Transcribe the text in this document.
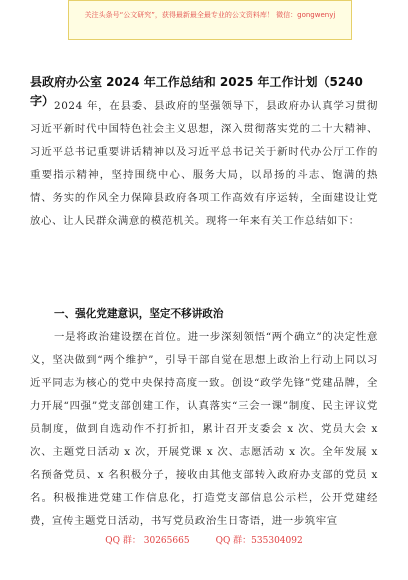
关注头条号“公文研究”，获得最新最全最专业的公文资料库！ 微信：gongwenyj
县政府办公室 2024 年工作总结和 2025 年工作计划（5240 字） 2024 年，在县委、县政府的坚强领导下，县政府办认真学习贯彻习近平新时代中国特色社会主义思想，深入贯彻落实党的二十大精神、习近平总书记重要讲话精神以及习近平总书记关于新时代办公厅工作的重要指示精神，坚持围绕中心、服务大局，以昂扬的斗志、饱满的热情、务实的作风全力保障县政府各项工作高效有序运转，全面建设让党放心、让人民群众满意的模范机关。现将一年来有关工作总结如下：

一、强化党建意识，坚定不移讲政治

一是将政治建设摆在首位。进一步深刻领悟“两个确立”的决定性意义，坚决做到“两个维护”，引导干部自觉在思想上政治上行动上同以习近平同志为核心的党中央保持高度一致。创设“政学先锋”党建品牌，全力开展“四强”党支部创建工作，认真落实“三会一课”制度、民主评议党员制度，做到自选动作不打折扣，累计召开支委会 x 次、党员大会 x 次、主题党日活动 x 次，开展党课 x 次、志愿活动 x 次。全年发展 x 名预备党员、x 名积极分子，接收由其他支部转入政府办支部的党员 x 名。积极推进党建工作信息化，打造党支部信息公示栏，公开党建经费，宣传主题党日活动，书写党员政治生日寄语，进一步筑牢宣

QQ 群： 30265665	QQ 群：535304092
